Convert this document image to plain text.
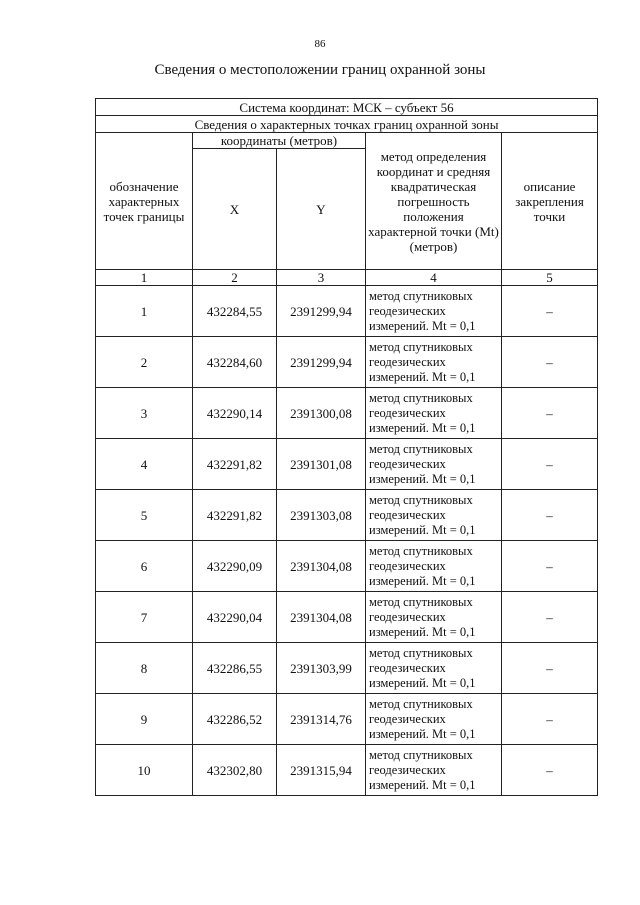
86
Сведения о местоположении границ охранной зоны
Система координат: МСК – субъект 56				
Сведения о характерных точках границ охранной зоны				
обозначение характерных точек границы	координаты (метров)		метод определения координат и средняя квадратическая погрешность положения характерной точки (Mt) (метров)	описание закрепления точки
	X	Y		
1	2	3	4	5
1	432284,55	2391299,94	метод спутниковых
геодезических
измерений. Mt = 0,1	–
2	432284,60	2391299,94	метод спутниковых
геодезических
измерений. Mt = 0,1	–
3	432290,14	2391300,08	метод спутниковых
геодезических
измерений. Mt = 0,1	–
4	432291,82	2391301,08	метод спутниковых
геодезических
измерений. Mt = 0,1	–
5	432291,82	2391303,08	метод спутниковых
геодезических
измерений. Mt = 0,1	–
6	432290,09	2391304,08	метод спутниковых
геодезических
измерений. Mt = 0,1	–
7	432290,04	2391304,08	метод спутниковых
геодезических
измерений. Mt = 0,1	–
8	432286,55	2391303,99	метод спутниковых
геодезических
измерений. Mt = 0,1	–
9	432286,52	2391314,76	метод спутниковых
геодезических
измерений. Mt = 0,1	–
10	432302,80	2391315,94	метод спутниковых
геодезических
измерений. Mt = 0,1	–
